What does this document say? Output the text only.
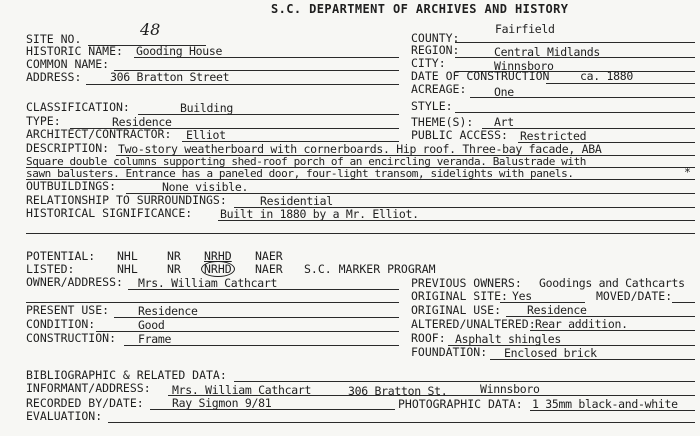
S.C. DEPARTMENT OF ARCHIVES AND HISTORY
SITE NO.	48	COUNTY:
Fairfield
HISTORIC NAME: Gooding House	REGION:	Central Midlands
COMMON NAME:	CITY:	Winnsboro
ADDRESS: 306 Bratton Street	DATE OF CONSTRUCTION	ca. 1880
ACREAGE: One
CLASSIFICATION:	Building	STYLE:
TYPE:	Residence	THEME(S): Art
ARCHITECT/CONTRACTOR: Elliot	PUBLIC ACCESS: Restricted
DESCRIPTION: Two-story weatherboard with cornerboards. Hip roof. Three-bay facade, ABA
Square double columns supporting shed-roof porch of an encircling veranda. Balustrade with
sawn balusters. Entrance has a paneled door, four-light transom, sidelights with panels.	*
OUTBUILDINGS:	None visible.
RELATIONSHIP TO SURROUNDINGS:	Residential
HISTORICAL SIGNIFICANCE: Built in 1880 by a Mr. Elliot.
POTENTIAL: NHL	NR NRHD NAER
LISTED:	NHL	NR NRHD NAER S.C. MARKER PROGRAM
OWNER/ADDRESS: Mrs. William Cathcart	PREVIOUS OWNERS: Goodings and Cathcarts
ORIGINAL SITE: Yes	MOVED/DATE:
PRESENT USE:	Residence	ORIGINAL USE: Residence
CONDITION:	Good	ALTERED/UNALTERED: Rear addition.
CONSTRUCTION: Frame	ROOF: Asphalt shingles
FOUNDATION: Enclosed brick
BIBLIOGRAPHIC & RELATED DATA:
INFORMANT/ADDRESS: Mrs. William Cathcart	306 Bratton St.	Winnsboro
RECORDED BY/DATE: Ray Sigmon 9/81	PHOTOGRAPHIC DATA: 1 35mm black-and-white
EVALUATION:
